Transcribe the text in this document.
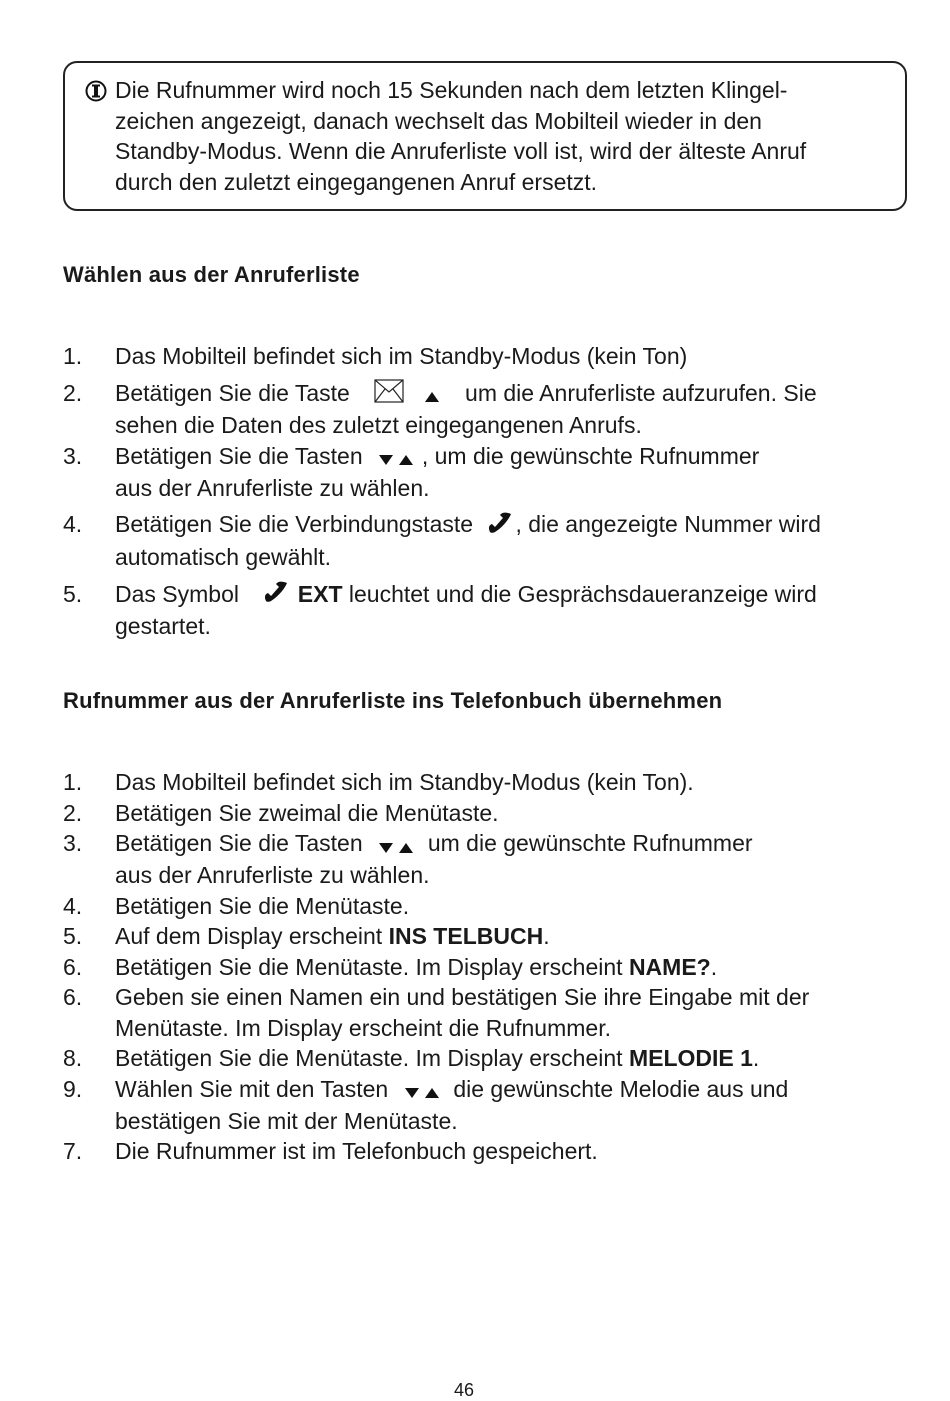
Die Rufnummer wird noch 15 Sekunden nach dem letzten Klingel-
zeichen angezeigt, danach wechselt das Mobilteil wieder in den
Standby-Modus. Wenn die Anruferliste voll ist, wird der älteste Anruf
durch den zuletzt eingegangenen Anruf ersetzt.
Wählen aus der Anruferliste
1. Das Mobilteil befindet sich im Standby-Modus (kein Ton)
2. Betätigen Sie die Taste	um die Anruferliste aufzurufen. Sie
sehen die Daten des zuletzt eingegangenen Anrufs.
3. Betätigen Sie die Tasten	, um die gewünschte Rufnummer
aus der Anruferliste zu wählen.
4. Betätigen Sie die Verbindungstaste , die angezeigte Nummer wird
automatisch gewählt.
5. Das Symbol	EXT leuchtet und die Gesprächsdaueranzeige wird
gestartet.
Rufnummer aus der Anruferliste ins Telefonbuch übernehmen
1. Das Mobilteil befindet sich im Standby-Modus (kein Ton).
2. Betätigen Sie zweimal die Menütaste.
3. Betätigen Sie die Tasten	um die gewünschte Rufnummer
aus der Anruferliste zu wählen.
4. Betätigen Sie die Menütaste.
5. Auf dem Display erscheint INS TELBUCH.
6. Betätigen Sie die Menütaste. Im Display erscheint NAME?.
6. Geben sie einen Namen ein und bestätigen Sie ihre Eingabe mit der
Menütaste. Im Display erscheint die Rufnummer.
8. Betätigen Sie die Menütaste. Im Display erscheint MELODIE 1.
9. Wählen Sie mit den Tasten	die gewünschte Melodie aus und
bestätigen Sie mit der Menütaste.
7. Die Rufnummer ist im Telefonbuch gespeichert.
46
